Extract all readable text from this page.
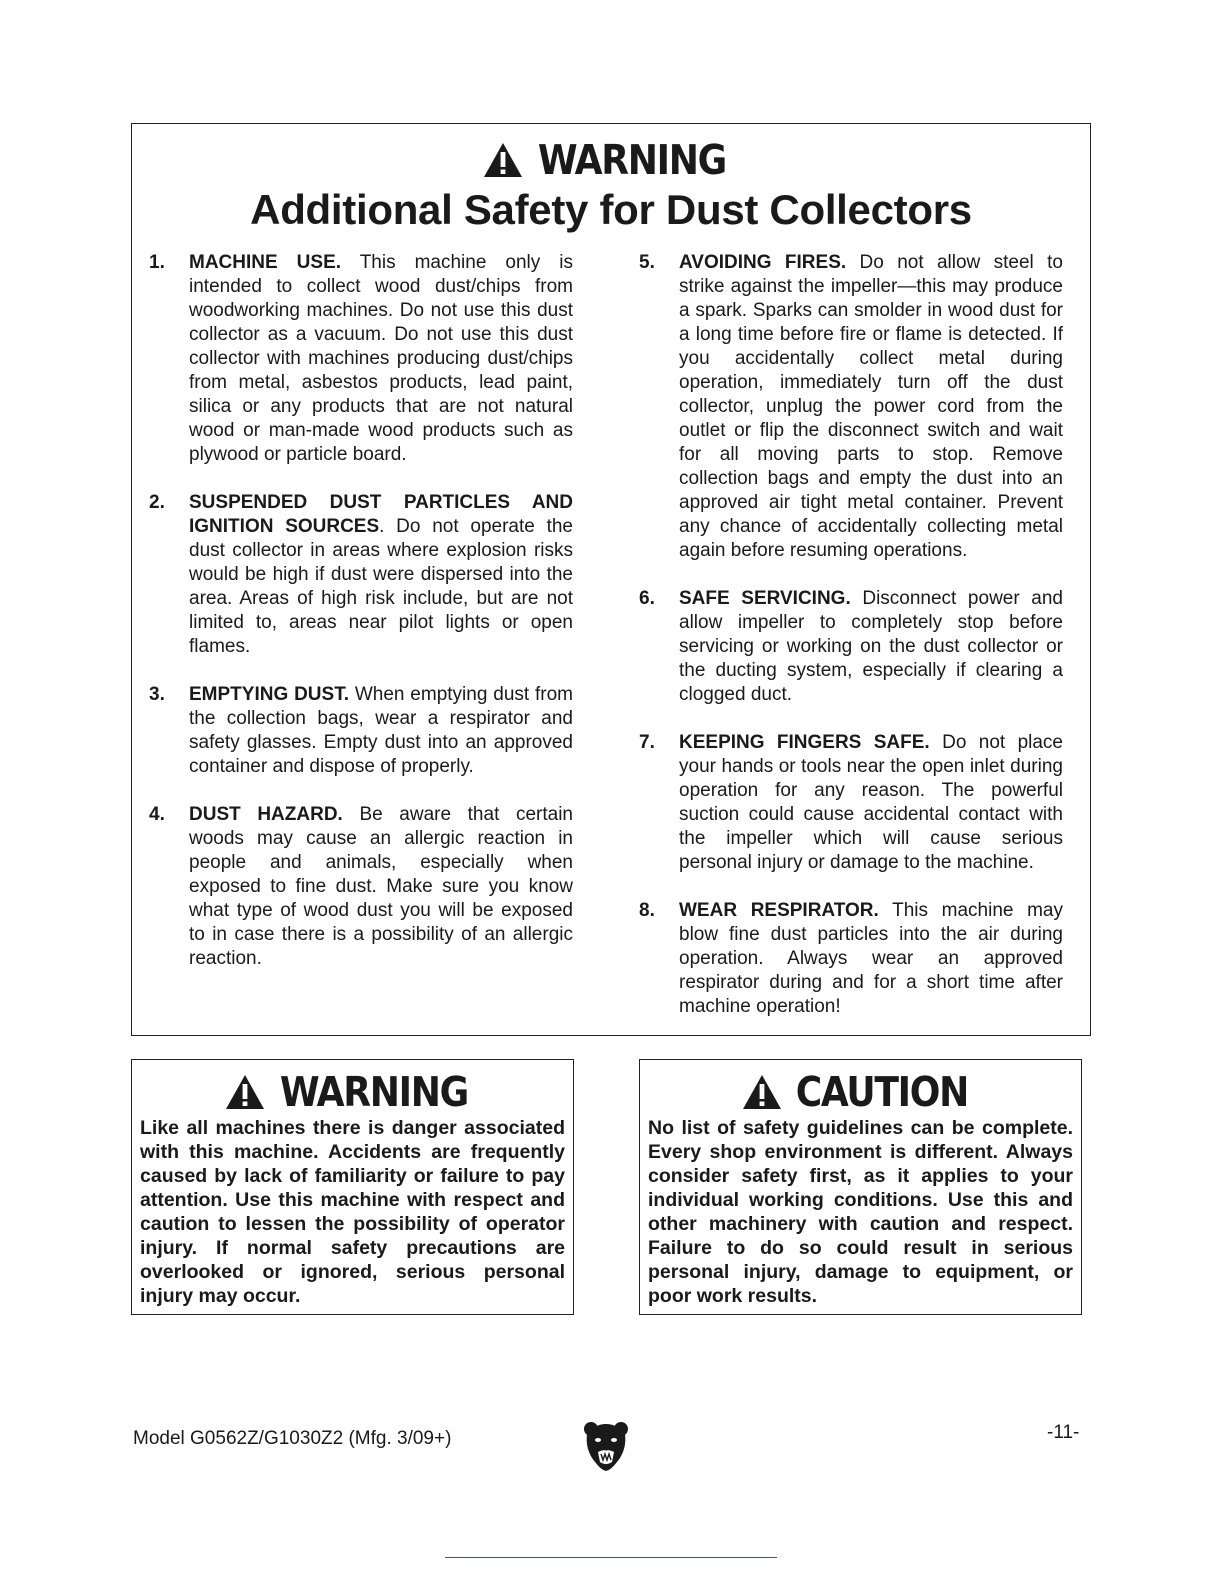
WARNING
Additional Safety for Dust Collectors
1. MACHINE USE. This machine only is intended to collect wood dust/chips from woodworking machines. Do not use this dust collector as a vacuum. Do not use this dust collector with machines producing dust/chips from metal, asbestos products, lead paint, silica or any products that are not natural wood or man-made wood products such as plywood or particle board.
2. SUSPENDED DUST PARTICLES AND IGNITION SOURCES. Do not operate the dust collector in areas where explosion risks would be high if dust were dispersed into the area. Areas of high risk include, but are not limited to, areas near pilot lights or open flames.
3. EMPTYING DUST. When emptying dust from the collection bags, wear a respirator and safety glasses. Empty dust into an approved container and dispose of properly.
4. DUST HAZARD. Be aware that certain woods may cause an allergic reaction in people and animals, especially when exposed to fine dust. Make sure you know what type of wood dust you will be exposed to in case there is a possibility of an allergic reaction.
5. AVOIDING FIRES. Do not allow steel to strike against the impeller—this may produce a spark. Sparks can smolder in wood dust for a long time before fire or flame is detected. If you accidentally collect metal during operation, immediately turn off the dust collector, unplug the power cord from the outlet or flip the disconnect switch and wait for all moving parts to stop. Remove collection bags and empty the dust into an approved air tight metal container. Prevent any chance of accidentally collecting metal again before resuming operations.
6. SAFE SERVICING. Disconnect power and allow impeller to completely stop before servicing or working on the dust collector or the ducting system, especially if clearing a clogged duct.
7. KEEPING FINGERS SAFE. Do not place your hands or tools near the open inlet during operation for any reason. The powerful suction could cause accidental contact with the impeller which will cause serious personal injury or damage to the machine.
8. WEAR RESPIRATOR. This machine may blow fine dust particles into the air during operation. Always wear an approved respirator during and for a short time after machine operation!
WARNING
Like all machines there is danger associated with this machine. Accidents are frequently caused by lack of familiarity or failure to pay attention. Use this machine with respect and caution to lessen the possibility of operator injury. If normal safety precautions are overlooked or ignored, serious personal injury may occur.
CAUTION
No list of safety guidelines can be complete. Every shop environment is different. Always consider safety first, as it applies to your individual working conditions. Use this and other machinery with caution and respect. Failure to do so could result in serious personal injury, damage to equipment, or poor work results.
Model G0562Z/G1030Z2 (Mfg. 3/09+)	-11-
